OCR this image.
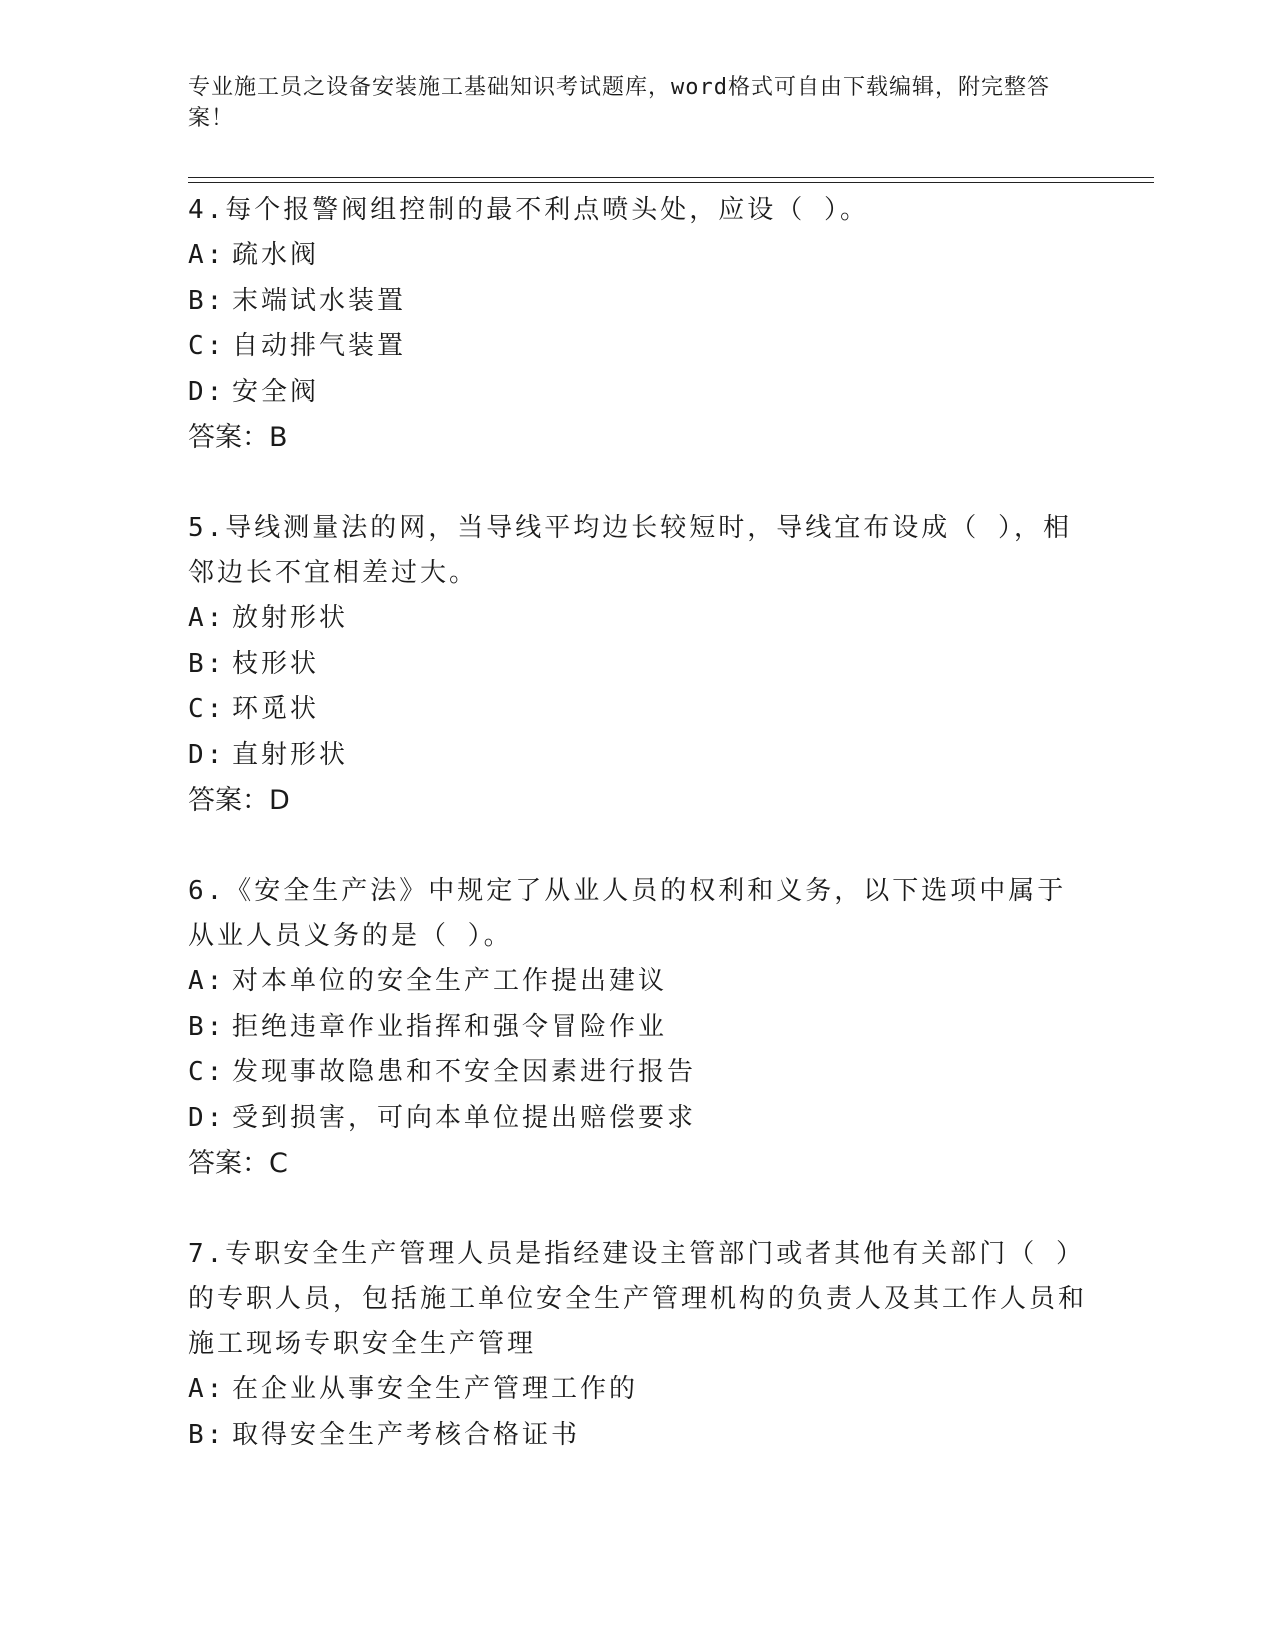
专业施工员之设备安装施工基础知识考试题库，word格式可自由下载编辑，附完整答案！

4.每个报警阀组控制的最不利点喷头处，应设（ ）。

A: 疏水阀

B: 末端试水装置

C: 自动排气装置

D: 安全阀

答案：B

5.导线测量法的网，当导线平均边长较短时，导线宜布设成（ ），相邻边长不宜相差过大。

A: 放射形状

B: 枝形状

C: 环觅状

D: 直射形状

答案：D

6.《安全生产法》中规定了从业人员的权利和义务，以下选项中属于从业人员义务的是（ ）。

A: 对本单位的安全生产工作提出建议

B: 拒绝违章作业指挥和强令冒险作业

C: 发现事故隐患和不安全因素进行报告

D: 受到损害，可向本单位提出赔偿要求

答案：C

7.专职安全生产管理人员是指经建设主管部门或者其他有关部门（ ）的专职人员，包括施工单位安全生产管理机构的负责人及其工作人员和施工现场专职安全生产管理

A: 在企业从事安全生产管理工作的

B: 取得安全生产考核合格证书
